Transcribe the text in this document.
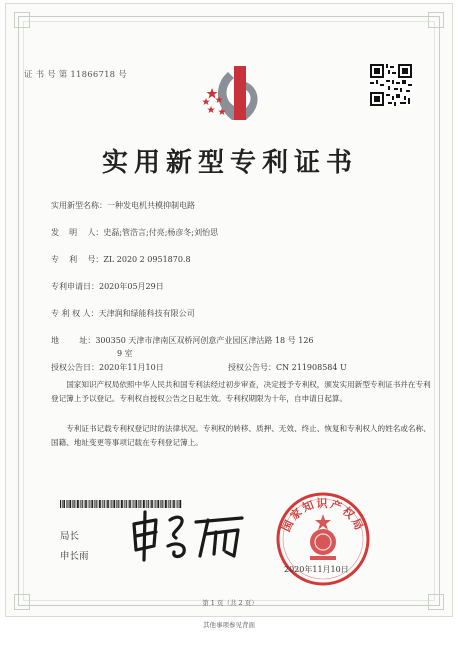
证 书 号 第 11866718 号
实用新型专利证书
实用新型名称：一种发电机共模抑制电路
发    明    人：史磊;管浩言;付亮;杨彦冬;刘怡思
专    利    号：ZL 2020 2 0951870.8
专利申请日：2020年05月29日
专 利 权 人：天津润和绿能科技有限公司
地        址：300350 天津市津南区双桥河创意产业园区津沽路 18 号 126
9 室
授权公告日：2020年11月10日	授权公告号：CN 211908584 U
国家知识产权局依照中华人民共和国专利法经过初步审查，决定授予专利权，颁发实用新型专利证书并在专利登记簿上予以登记。专利权自授权公告之日起生效。专利权期限为十年，自申请日起算。
专利证书记载专利权登记时的法律状况。专利权的转移、质押、无效、终止、恢复和专利权人的姓名或名称、国籍、地址变更等事项记载在专利登记簿上。
局长
申长雨
国家知识产权局
2020年11月10日
第 1 页（共 2 页）
其他事项参见背面
